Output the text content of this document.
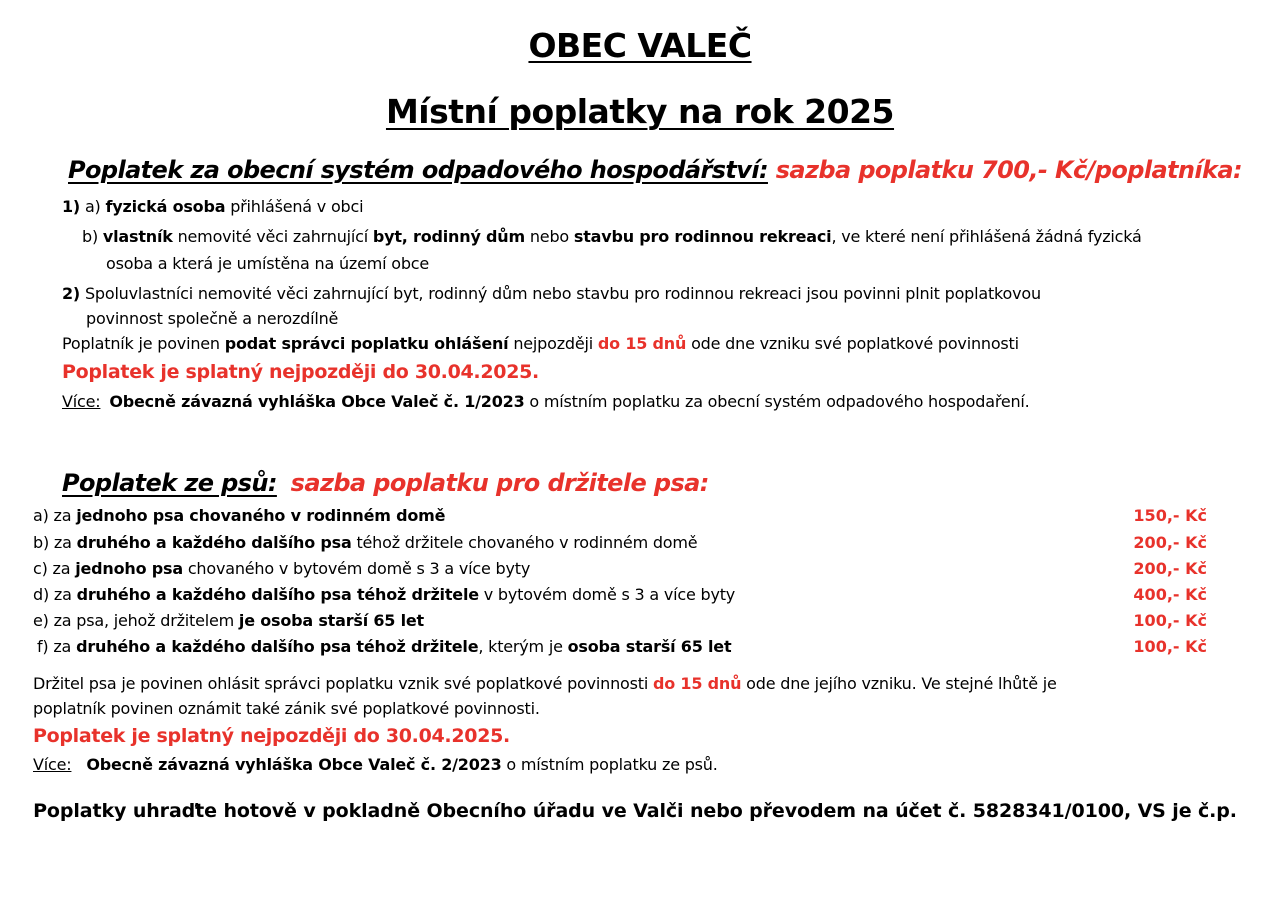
OBEC VALEČ
Místní poplatky na rok 2025
Poplatek za obecní systém odpadového hospodářství: sazba poplatku 700,- Kč/poplatníka:
1) a) fyzická osoba přihlášená v obci
b) vlastník nemovité věci zahrnující byt, rodinný dům nebo stavbu pro rodinnou rekreaci, ve které není přihlášená žádná fyzická
osoba a která je umístěna na území obce
2) Spoluvlastníci nemovité věci zahrnující byt, rodinný dům nebo stavbu pro rodinnou rekreaci jsou povinni plnit poplatkovou
povinnost společně a nerozdílně
Poplatník je povinen podat správci poplatku ohlášení nejpozději do 15 dnů ode dne vzniku své poplatkové povinnosti
Poplatek je splatný nejpozději do 30.04.2025.
Více: Obecně závazná vyhláška Obce Valeč č. 1/2023 o místním poplatku za obecní systém odpadového hospodaření.
Poplatek ze psů: sazba poplatku pro držitele psa:
a) za jednoho psa chovaného v rodinném domě	150,- Kč
b) za druhého a každého dalšího psa téhož držitele chovaného v rodinném domě	200,- Kč
c) za jednoho psa chovaného v bytovém domě s 3 a více byty	200,- Kč
d) za druhého a každého dalšího psa téhož držitele v bytovém domě s 3 a více byty	400,- Kč
e) za psa, jehož držitelem je osoba starší 65 let	100,- Kč
f) za druhého a každého dalšího psa téhož držitele, kterým je osoba starší 65 let	100,- Kč
Držitel psa je povinen ohlásit správci poplatku vznik své poplatkové povinnosti do 15 dnů ode dne jejího vzniku. Ve stejné lhůtě je
poplatník povinen oznámit také zánik své poplatkové povinnosti.
Poplatek je splatný nejpozději do 30.04.2025.
Více: Obecně závazná vyhláška Obce Valeč č. 2/2023 o místním poplatku ze psů.
Poplatky uhraďte hotově v pokladně Obecního úřadu ve Valči nebo převodem na účet č. 5828341/0100, VS je č.p.
